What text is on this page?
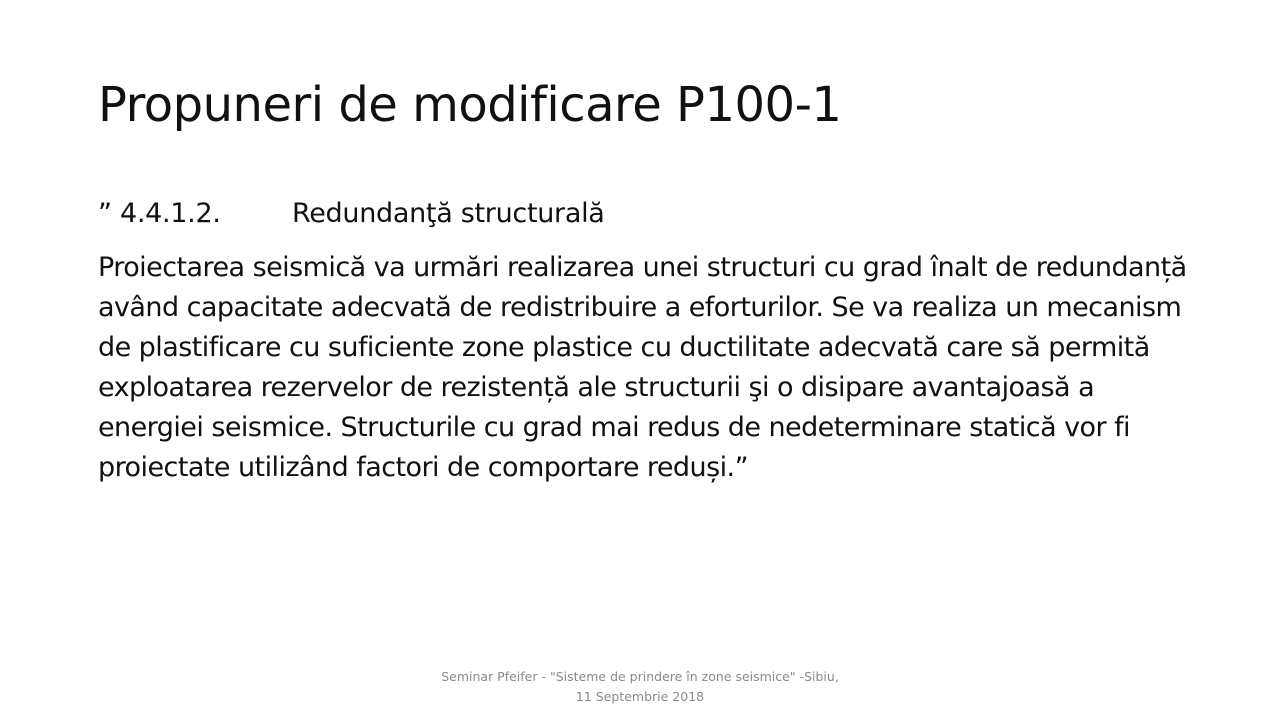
Propuneri de modificare P100-1

” 4.4.1.2.	Redundanţă structurală

Proiectarea seismică va urmări realizarea unei structuri cu grad înalt de redundanță având capacitate adecvată de redistribuire a eforturilor. Se va realiza un mecanism de plastificare cu suficiente zone plastice cu ductilitate adecvată care să permită exploatarea rezervelor de rezistență ale structurii şi o disipare avantajoasă a energiei seismice. Structurile cu grad mai redus de nedeterminare statică vor fi proiectate utilizând factori de comportare reduși.”

Seminar Pfeifer - "Sisteme de prindere în zone seismice" -Sibiu,
11 Septembrie 2018
